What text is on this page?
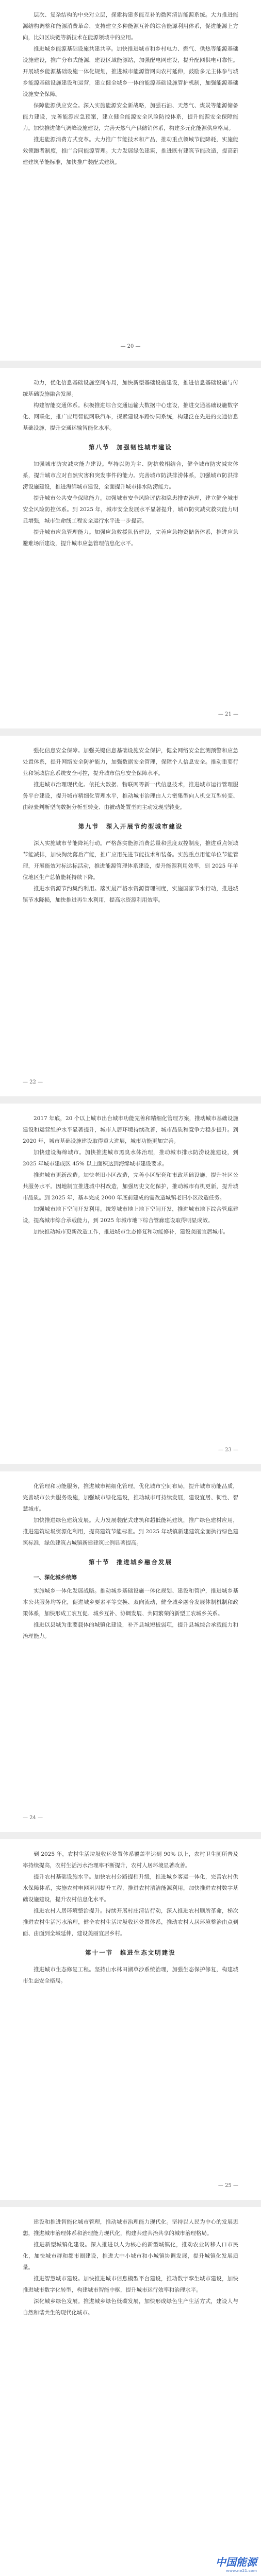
层次、复杂结构的中央对立层，探索构建多能互补的微网清洁能源系统。大力推进能源结构调整和能源消费革命，支持建立多种能源互补的综合能源利用体系，促进能源上方向，比如区块链等新技术在能源领域中的应用。

推进城乡能源基础设施共建共享。加快推进城市和乡村电力、燃气、供热等能源基础设施建设，推广分布式能源，建设区域能源站，加强配电网建设，提升配网供电可靠性。开展城乡能源基础设施一体化规划，推进城市能源管网向农村延伸，鼓励多元主体参与城乡能源基础设施建设和运营，建立健全城乡一体的能源基础设施管护机制，加强能源基础设施安全保障。

保障能源供应安全。深入实施能源安全新战略，加强石油、天然气、煤炭等能源储备能力建设，完善能源应急预案，建立健全能源安全风险防控体系，提升能源安全保障能力。加快推进储气调峰设施建设，完善天然气产供储销体系，构建多元化能源供应格局。

推进能源消费方式变革。大力推广节能技术和产品，推动重点领域节能降耗，实施能效领跑者制度，推广合同能源管理。大力发展绿色建筑，推进既有建筑节能改造，提高新建建筑节能标准，加快推广装配式建筑。

— 20 —

动力，优化信息基础设施空间布局，加快新型基础设施建设，推进信息基础设施与传统基础设施融合发展。

构建智能交通体系。积极推进综合交通运输大数据中心建设，推进交通基础设施数字化、网联化，推广应用智能网联汽车，探索建设车路协同系统，构建泛在先进的交通信息基础设施，提升交通运输智能化水平。

第八节　加强韧性城市建设

加强城市防灾减灾能力建设。坚持以防为主、防抗救相结合，健全城市防灾减灾体系，提升城市应对自然灾害和突发事件的能力。完善城市防洪排涝体系，加强城市防洪排涝设施建设，推进海绵城市建设，全面提升城市排水防涝能力。

提升城市公共安全保障能力。加强城市安全风险评估和隐患排查治理，建立健全城市安全风险防控体系。到 2025 年，城市安全发展水平显著提升，城市防灾减灾救灾能力明显增强，城市生命线工程安全运行水平进一步提高。

提升城市应急管理能力。加强应急救援队伍建设，完善应急物资储备体系，推进应急避难场所建设，提升城市应急管理信息化水平。

— 21 —

强化信息安全保障。加强关键信息基础设施安全保护，健全网络安全监测预警和应急处置体系，提升网络安全防护能力，加强数据安全管理，保障个人信息安全。推动重要行业和领域信息系统安全可控，提升城市信息安全保障水平。

推进城市治理现代化。依托大数据、物联网等新一代信息技术，推进城市运行管理服务平台建设，提升城市精细化管理水平，推动城市治理由人力密集型向人机交互型转变、由经验判断型向数据分析型转变、由被动处置型向主动发现型转变。

第九节　深入开展节约型城市建设

深入实施城市节能降耗行动。严格落实能源消费总量和强度双控制度，推进重点领域节能减排，加快淘汰落后产能，推广应用先进节能技术和装备。实施重点用能单位节能管理，开展能效对标达标活动，推进能源管理体系建设，提升能源利用效率，到 2025 年单位地区生产总值能耗持续下降。

推进水资源节约集约利用。落实最严格水资源管理制度，实施国家节水行动，推进城镇节水降损，加快推进再生水利用，提高水资源利用效率。

— 22 —

2017 年底，20 个以上城市出台城市功能完善和精细化管理方案，推动城市基础设施建设和运营维护水平显著提升，城市人居环境持续改善，城市品质和竞争力稳步提升。到 2020 年，城市基础设施建设取得重大进展，城市功能更加完善。

加快建设海绵城市。加快推进城市黑臭水体治理，推动城市排水防涝设施建设，到 2025 年城市建成区 45% 以上面积达到海绵城市建设要求。

推进城市更新改造。加快老旧小区改造，完善小区配套和市政基础设施，提升社区公共服务水平。因地制宜推进城中村改造，加强历史文化保护，推动城市有机更新，提升城市品质。到 2025 年，基本完成 2000 年底前建成的需改造城镇老旧小区改造任务。

加强城市地下空间开发利用。统筹城市地上地下空间开发，推进城市地下综合管廊建设，提高城市综合承载能力，到 2025 年城市地下综合管廊建设取得明显成效。

加快推动城市更新改造工作，推进城市生态修复和功能修补，建设美丽宜居城市。

— 23 —

化管理和功能服务，推进城市精细化管理。优化城市空间布局，提升城市功能品质，完善城市公共服务设施，加强城市绿化建设，推动城市可持续发展，建设宜居、韧性、智慧城市。

加快推进绿色建筑发展。大力发展装配式建筑和超低能耗建筑，推广绿色建材应用，推进建筑垃圾资源化利用，提高建筑节能标准。到 2025 年城镇新建建筑全面执行绿色建筑标准，绿色建筑占城镇新建建筑比例显著提高。

第十节　推进城乡融合发展
一、深化城乡统筹

实施城乡一体化发展战略。推动城乡基础设施一体化规划、建设和管护，推进城乡基本公共服务均等化，促进城乡要素平等交换、双向流动，健全城乡融合发展体制机制和政策体系，加快形成工农互促、城乡互补、协调发展、共同繁荣的新型工农城乡关系。

推进以县城为重要载体的城镇化建设，补齐县城短板弱项，提升县城综合承载能力和治理能力。

— 24 —

到 2025 年，农村生活垃圾收运处置体系覆盖率达到 90% 以上，农村卫生厕所普及率持续提高，农村生活污水治理率不断提升，农村人居环境显著改善。

提升农村基础设施水平。加快农村公路提档升级，推进城乡客运一体化，完善农村供水保障体系，实施农村电网巩固提升工程，推进农村清洁能源利用，加快推进农村数字基础设施建设，提升农村信息化水平。

推进农村人居环境整治提升。持续开展村庄清洁行动，深入推进农村厕所革命，梯次推进农村生活污水治理，健全农村生活垃圾收运处置体系，推动农村人居环境整治由点到面、由面到全域延伸，建设美丽宜居乡村。

第十一节　推进生态文明建设

推进城市生态修复工程。坚持山水林田湖草沙系统治理，加强生态保护修复，构建城市生态安全格局。

— 25 —

建设和推进智能化城市管理，推动城市治理能力现代化。坚持以人民为中心的发展思想，推进城市治理体系和治理能力现代化，构建共建共治共享的城市治理格局。

推进新型城镇化建设。深入推进以人为核心的新型城镇化，推动农业转移人口市民化，加快城市群和都市圈建设，推进大中小城市和小城镇协调发展，提升城镇化发展质量。

推进智慧城市建设。加快推进城市信息模型平台建设，推动数字孪生城市建设，加快推进城市数字化转型，构建城市智能中枢，提升城市运行效率和治理水平。

深化城乡绿色发展。推进城乡绿色低碳发展，加快形成绿色生产生活方式，建设人与自然和谐共生的现代化城市。

中国能源
www.ne21.com
